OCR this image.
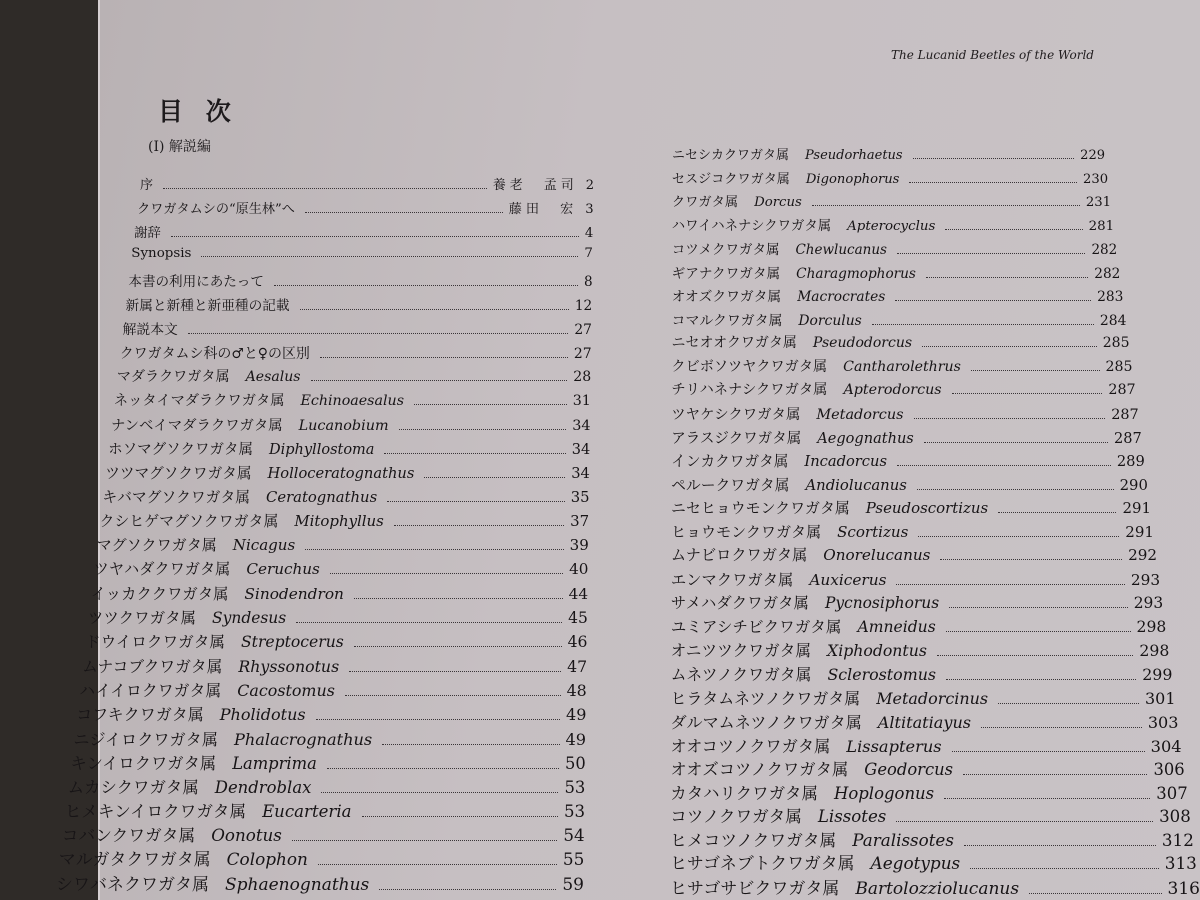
The Lucanid Beetles of the World
目 次
(I) 解説編
序	養老　孟司 2
クワガタムシの“原生林”へ	藤田　宏 3
謝辞	4
Synopsis	7
本書の利用にあたって	8
新属と新種と新亜種の記載	12
解説本文	27
クワガタムシ科の♂と♀の区別	27
マダラクワガタ属 Aesalus	28
ネッタイマダラクワガタ属 Echinoaesalus	31
ナンベイマダラクワガタ属 Lucanobium	34
ホソマグソクワガタ属 Diphyllostoma	34
ツツマグソクワガタ属 Holloceratognathus	34
キバマグソクワガタ属 Ceratognathus	35
クシヒゲマグソクワガタ属 Mitophyllus	37
マグソクワガタ属 Nicagus	39
ツヤハダクワガタ属 Ceruchus	40
イッカククワガタ属 Sinodendron	44
ツツクワガタ属 Syndesus	45
ドウイロクワガタ属 Streptocerus	46
ムナコブクワガタ属 Rhyssonotus	47
ハイイロクワガタ属 Cacostomus	48
コフキクワガタ属 Pholidotus	49
ニジイロクワガタ属 Phalacrognathus	49
キンイロクワガタ属 Lamprima	50
ムカシクワガタ属 Dendroblax	53
ヒメキンイロクワガタ属 Eucarteria	53
コバンクワガタ属 Oonotus	54
マルガタクワガタ属 Colophon	55
シワバネクワガタ属 Sphaenognathus	59
ニセシカクワガタ属 Pseudorhaetus	229
セスジコクワガタ属 Digonophorus	230
クワガタ属 Dorcus	231
ハワイハネナシクワガタ属 Apterocyclus	281
コツメクワガタ属 Chewlucanus	282
ギアナクワガタ属 Charagmophorus	282
オオズクワガタ属 Macrocrates	283
コマルクワガタ属 Dorculus	284
ニセオオクワガタ属 Pseudodorcus	285
クビボソツヤクワガタ属 Cantharolethrus	285
チリハネナシクワガタ属 Apterodorcus	287
ツヤケシクワガタ属 Metadorcus	287
アラスジクワガタ属 Aegognathus	287
インカクワガタ属 Incadorcus	289
ペルークワガタ属 Andiolucanus	290
ニセヒョウモンクワガタ属 Pseudoscortizus	291
ヒョウモンクワガタ属 Scortizus	291
ムナビロクワガタ属 Onorelucanus	292
エンマクワガタ属 Auxicerus	293
サメハダクワガタ属 Pycnosiphorus	293
ユミアシチビクワガタ属 Amneidus	298
オニツツクワガタ属 Xiphodontus	298
ムネツノクワガタ属 Sclerostomus	299
ヒラタムネツノクワガタ属 Metadorcinus	301
ダルマムネツノクワガタ属 Altitatiayus	303
オオコツノクワガタ属 Lissapterus	304
オオズコツノクワガタ属 Geodorcus	306
カタハリクワガタ属 Hoplogonus	307
コツノクワガタ属 Lissotes	308
ヒメコツノクワガタ属 Paralissotes	312
ヒサゴネブトクワガタ属 Aegotypus	313
ヒサゴサビクワガタ属 Bartolozziolucanus	316
